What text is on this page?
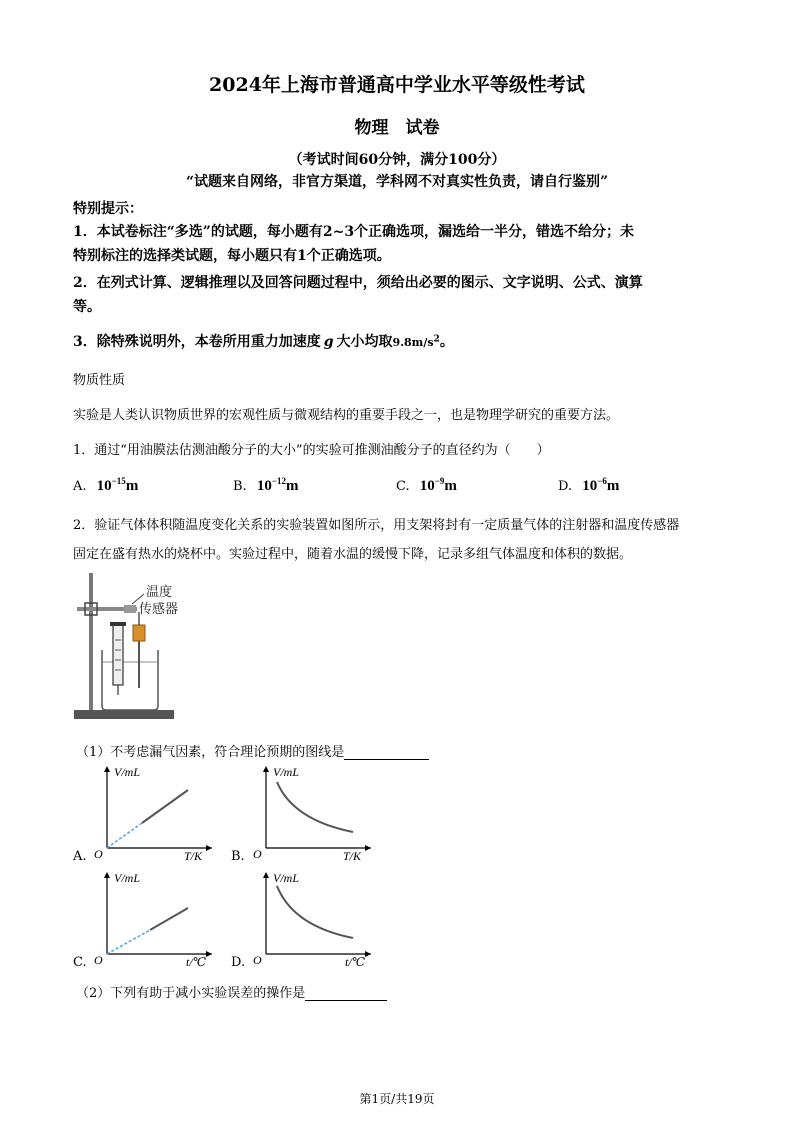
2024年上海市普通高中学业水平等级性考试
物理　试卷
（考试时间60分钟，满分100分）
“试题来自网络，非官方渠道，学科网不对真实性负责，请自行鉴别”
特别提示：
1．本试卷标注“多选”的试题，每小题有2~3个正确选项，漏选给一半分，错选不给分；未
特别标注的选择类试题，每小题只有1个正确选项。
2．在列式计算、逻辑推理以及回答问题过程中，须给出必要的图示、文字说明、公式、演算
等。
3．除特殊说明外，本卷所用重力加速度 g 大小均取$9.8m/s^2$。
物质性质
实验是人类认识物质世界的宏观性质与微观结构的重要手段之一，也是物理学研究的重要方法。
1．通过“用油膜法估测油酸分子的大小”的实验可推测油酸分子的直径约为（　　）
A. $10^{-15}m$	B. $10^{-12}m$	C. $10^{-9}m$	D. $10^{-6}m$
2．验证气体体积随温度变化关系的实验装置如图所示，用支架将封有一定质量气体的注射器和温度传感器
固定在盛有热水的烧杯中。实验过程中，随着水温的缓慢下降，记录多组气体温度和体积的数据。
温度
传感器
（1）不考虑漏气因素，符合理论预期的图线是
A.	B.
C.	D.
V/mL
T/K
O
V/mL
T/K
O
V/mL
t/℃
O
V/mL
t/℃
O
（2）下列有助于减小实验误差的操作是
第1页/共19页
